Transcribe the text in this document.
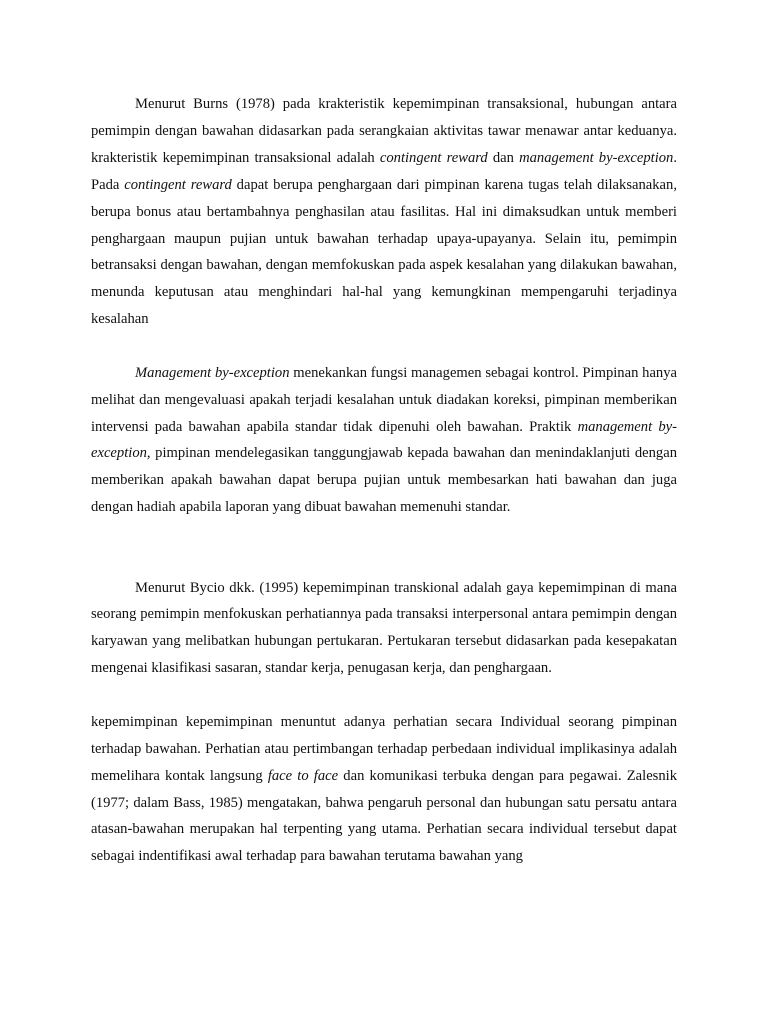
Menurut Burns (1978) pada krakteristik kepemimpinan transaksional, hubungan antara pemimpin dengan bawahan didasarkan pada serangkaian aktivitas tawar menawar antar keduanya. krakteristik kepemimpinan transaksional adalah contingent reward dan management by-exception. Pada contingent reward dapat berupa penghargaan dari pimpinan karena tugas telah dilaksanakan, berupa bonus atau bertambahnya penghasilan atau fasilitas. Hal ini dimaksudkan untuk memberi penghargaan maupun pujian untuk bawahan terhadap upaya-upayanya. Selain itu, pemimpin betransaksi dengan bawahan, dengan memfokuskan pada aspek kesalahan yang dilakukan bawahan, menunda keputusan atau menghindari hal-hal yang kemungkinan mempengaruhi terjadinya kesalahan

Management by-exception menekankan fungsi managemen sebagai kontrol. Pimpinan hanya melihat dan mengevaluasi apakah terjadi kesalahan untuk diadakan koreksi, pimpinan memberikan intervensi pada bawahan apabila standar tidak dipenuhi oleh bawahan. Praktik management by-exception, pimpinan mendelegasikan tanggungjawab kepada bawahan dan menindaklanjuti dengan memberikan apakah bawahan dapat berupa pujian untuk membesarkan hati bawahan dan juga dengan hadiah apabila laporan yang dibuat bawahan memenuhi standar.

Menurut Bycio dkk. (1995) kepemimpinan transkional adalah gaya kepemimpinan di mana seorang pemimpin menfokuskan perhatiannya pada transaksi interpersonal antara pemimpin dengan karyawan yang melibatkan hubungan pertukaran. Pertukaran tersebut didasarkan pada kesepakatan mengenai klasifikasi sasaran, standar kerja, penugasan kerja, dan penghargaan.

kepemimpinan kepemimpinan menuntut adanya perhatian secara Individual seorang pimpinan terhadap bawahan. Perhatian atau pertimbangan terhadap perbedaan individual implikasinya adalah memelihara kontak langsung face to face dan komunikasi terbuka dengan para pegawai. Zalesnik (1977; dalam Bass, 1985) mengatakan, bahwa pengaruh personal dan hubungan satu persatu antara atasan-bawahan merupakan hal terpenting yang utama. Perhatian secara individual tersebut dapat sebagai indentifikasi awal terhadap para bawahan terutama bawahan yang
